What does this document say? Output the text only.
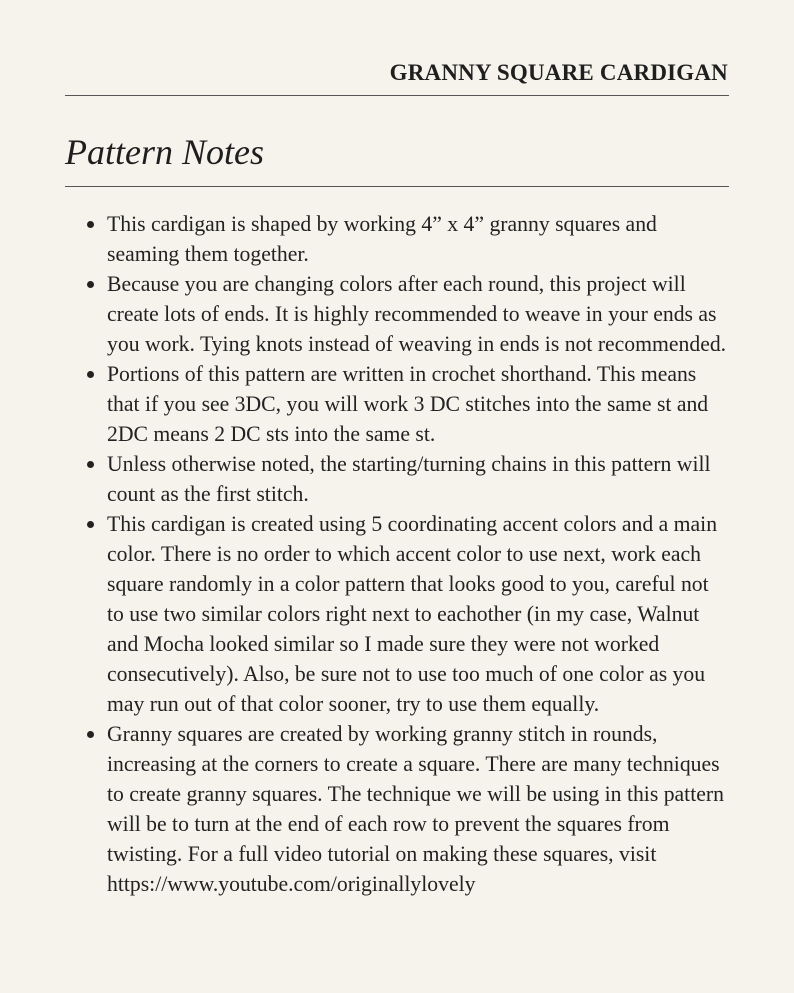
GRANNY SQUARE CARDIGAN
Pattern Notes
This cardigan is shaped by working 4” x 4” granny squares and seaming them together.
Because you are changing colors after each round, this project will create lots of ends. It is highly recommended to weave in your ends as you work. Tying knots instead of weaving in ends is not recommended.
Portions of this pattern are written in crochet shorthand. This means that if you see 3DC, you will work 3 DC stitches into the same st and 2DC means 2 DC sts into the same st.
Unless otherwise noted, the starting/turning chains in this pattern will count as the first stitch.
This cardigan is created using 5 coordinating accent colors and a main color. There is no order to which accent color to use next, work each square randomly in a color pattern that looks good to you, careful not to use two similar colors right next to eachother (in my case, Walnut and Mocha looked similar so I made sure they were not worked consecutively). Also, be sure not to use too much of one color as you may run out of that color sooner, try to use them equally.
Granny squares are created by working granny stitch in rounds, increasing at the corners to create a square. There are many techniques to create granny squares. The technique we will be using in this pattern will be to turn at the end of each row to prevent the squares from twisting. For a full video tutorial on making these squares, visit https://www.youtube.com/originallylovely
